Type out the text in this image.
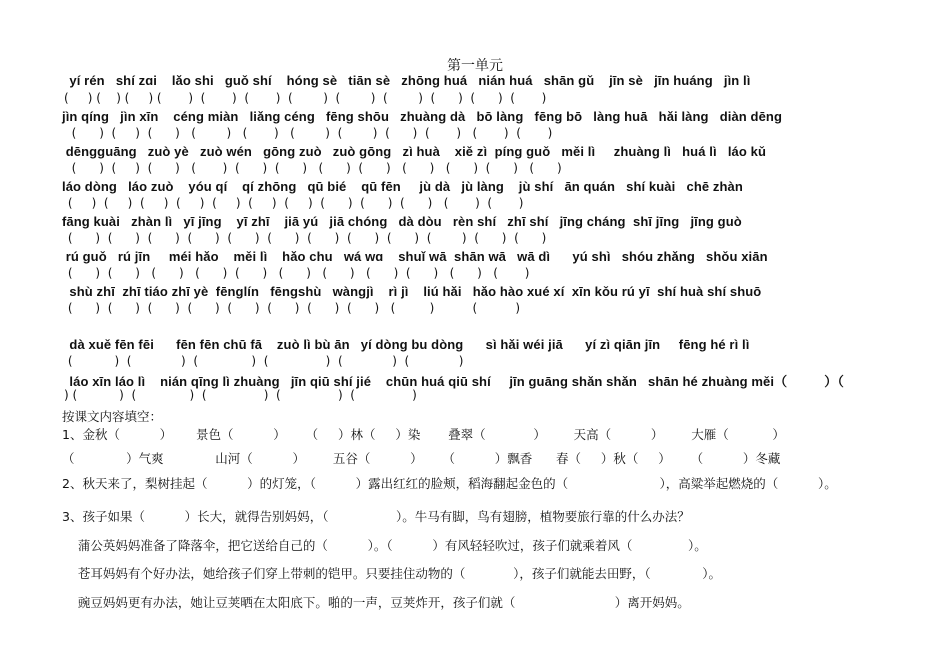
第一单元
yí rén   shí zɑi    lǎo shi   ɡuǒ shí    hónɡ sè   tiān sè   zhōnɡ huá   nián huá   shān ɡǔ    jīn sè   jīn huánɡ   jìn lì
(     ) (    ) (     ) (       )  (       )  (       )  (        )  (        )  (        )  (      )  (      )  (       )
jìn qínɡ   jìn xīn    cénɡ miàn   liǎnɡ cénɡ   fēnɡ shōu   zhuànɡ dà   bō lànɡ   fēnɡ bō   lànɡ huā   hǎi lànɡ   diàn dēnɡ
(      )  (     )  (      )   (        )   (       )   (        )  (        )  (      )  (       )   (       )  (       )
dēnɡɡuānɡ   zuò yè   zuò wén   ɡōnɡ zuò   zuò ɡōnɡ   zì huà    xiě zì  pínɡ ɡuǒ   měi lì     zhuànɡ lì   huá lì   láo kǔ
(      )  (     )  (      )   (       )  (      )  (      )   (      )  (      )   (      )   (      )  (      )   (      )
láo dònɡ   láo zuò    yóu qí    qí zhōnɡ   qū bié    qū fēn     jù dà   jù lànɡ    jù shí   ān quán   shí kuài   chē zhàn
(     )  (     )  (     )  (     )  (     )  (     )  (     )  (      )  (      )  (      )   (       )  (       )
fānɡ kuài   zhàn lì   yī jīnɡ    yī zhī    jiā yú   jiā chónɡ   dà dòu   rèn shí   zhī shí   jīnɡ chánɡ  shī jīnɡ   jīnɡ ɡuò
(      )  (      )  (      )  (      )  (      )  (      )  (      )  (      )  (      )  (        )  (      )  (      )
rú ɡuǒ   rú jīn     méi hǎo    měi lì    hǎo chu   wá wɑ    shuǐ wā  shān wā   wā dì      yú shì   shóu zhǎnɡ   shǒu xiān
(      )  (      )   (      )   (      )  (      )   (      )   (      )   (      )  (      )   (      )   (       )
shù zhī  zhī tiáo zhī yè  fēnɡlín   fēnɡshù   wànɡjì    rì jì    liú hǎi   hǎo hào xué xí  xīn kǒu rú yī  shí huà shí shuō
(      )  (      )  (      )  (      )  (      )  (      )  (      )  (      )   (         )          (          )
dà xuě fēn fēi      fēn fēn chū fā    zuò lì bù ān   yí dònɡ bu dònɡ      sì hǎi wéi jiā      yí zì qiān jīn     fēnɡ hé rì lì
(           )  (             )  (              )  (               )  (             )  (             )
láo xīn láo lì    nián qīnɡ lì zhuànɡ   jīn qiū shí jié    chūn huá qiū shí     jīn ɡuānɡ shǎn shǎn   shān hé zhuànɡ měi（          ）（
) (           )  (              )  (               )  (               )  (               )
按课文内容填空：
1、金秋（          ）      景色（          ）     （     ）林（     ）染       叠翠（            ）       天高（          ）       大雁（           ）
（             ）气爽             山河（          ）       五谷（          ）     （          ）飘香      春（     ）秋（     ）     （          ）冬藏
2、秋天来了，梨树挂起（          ）的灯笼，（          ）露出红红的脸颊，稻海翻起金色的（                       ），高粱举起燃烧的（          ）。
3、孩子如果（          ）长大，就得告别妈妈，（                 ）。牛马有脚，鸟有翅膀，植物要旅行靠的什么办法？
蒲公英妈妈准备了降落伞，把它送给自己的（          ）。（          ）有风轻轻吹过，孩子们就乘着风（              ）。
苍耳妈妈有个好办法，她给孩子们穿上带刺的铠甲。只要挂住动物的（            ），孩子们就能去田野，（             ）。
豌豆妈妈更有办法，她让豆荚晒在太阳底下。啪的一声，豆荚炸开，孩子们就（                         ）离开妈妈。
